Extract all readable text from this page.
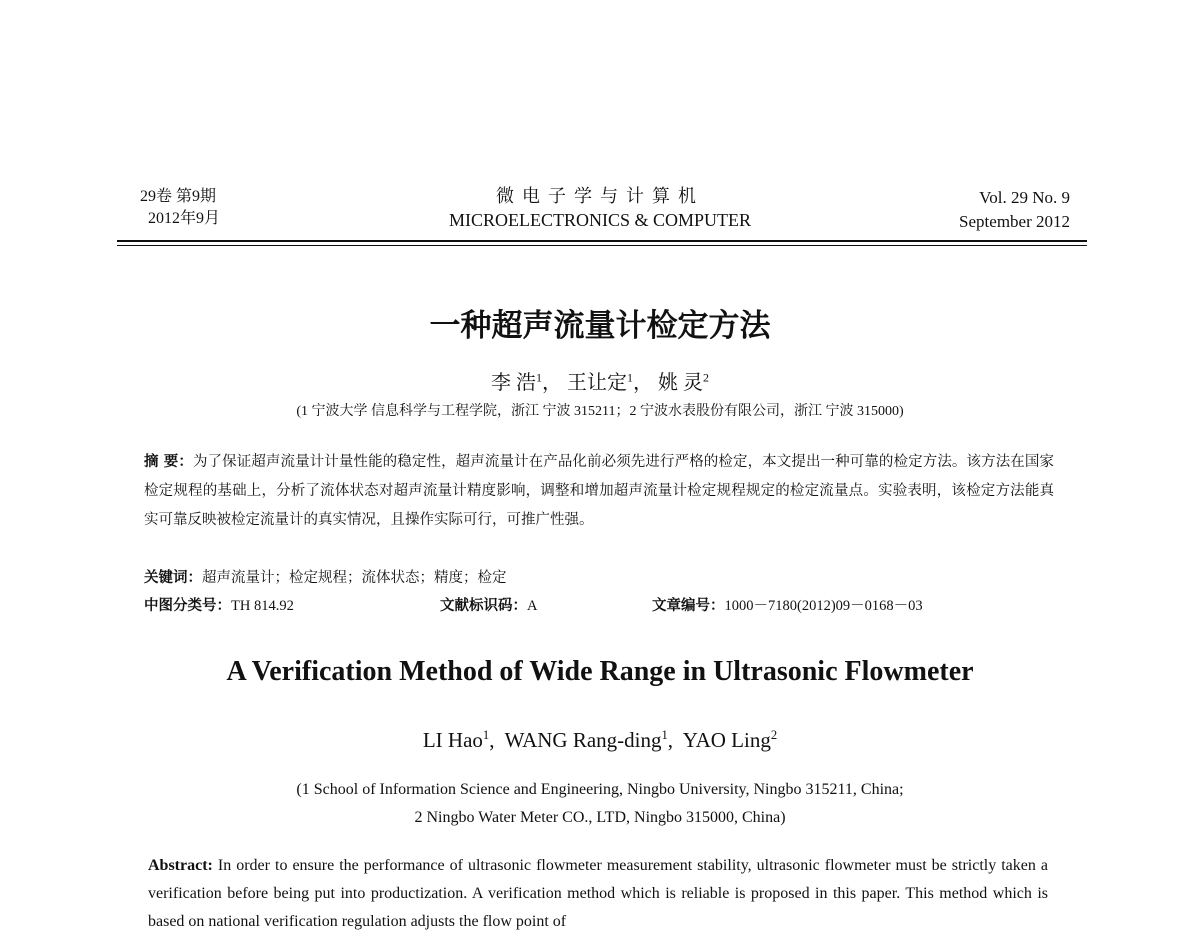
29卷 第9期
2012年9月
微电子学与计算机
MICROELECTRONICS & COMPUTER
Vol. 29 No. 9
September 2012
一种超声流量计检定方法
李 浩$^1$， 王让定$^1$， 姚 灵$^2$
(1 宁波大学 信息科学与工程学院，浙江 宁波 315211；2 宁波水表股份有限公司，浙江 宁波 315000)
摘 要：为了保证超声流量计计量性能的稳定性，超声流量计在产品化前必须先进行严格的检定，本文提出一种可靠的检定方法。该方法在国家检定规程的基础上，分析了流体状态对超声流量计精度影响，调整和增加超声流量计检定规程规定的检定流量点。实验表明，该检定方法能真实可靠反映被检定流量计的真实情况，且操作实际可行，可推广性强。
关键词：超声流量计；检定规程；流体状态；精度；检定
中图分类号：TH 814.92	文献标识码：A	文章编号：1000－7180(2012)09－0168－03
A Verification Method of Wide Range in Ultrasonic Flowmeter
LI Hao$^1$,  WANG Rang-ding$^1$,  YAO Ling$^2$
(1 School of Information Science and Engineering, Ningbo University, Ningbo 315211, China;
2 Ningbo Water Meter CO., LTD, Ningbo 315000, China)
Abstract: In order to ensure the performance of ultrasonic flowmeter measurement stability, ultrasonic flowmeter must be strictly taken a verification before being put into productization. A verification method which is reliable is proposed in this paper. This method which is based on national verification regulation adjusts the flow point of
